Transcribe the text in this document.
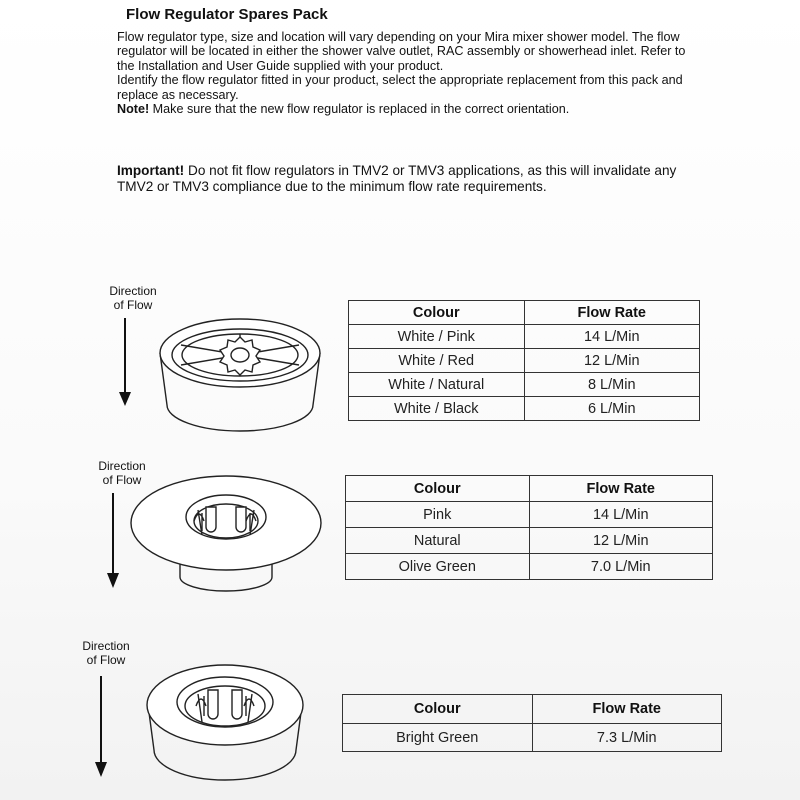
Flow Regulator Spares Pack

Flow regulator type, size and location will vary depending on your Mira mixer shower model. The flow regulator will be located in either the shower valve outlet, RAC assembly or showerhead inlet. Refer to the Installation and User Guide supplied with your product.

Identify the flow regulator fitted in your product, select the appropriate replacement from this pack and replace as necessary.

Note! Make sure that the new flow regulator is replaced in the correct orientation.

Important! Do not fit flow regulators in TMV2 or TMV3 applications, as this will invalidate any TMV2 or TMV3 compliance due to the minimum flow rate requirements.

Direction
of Flow	Colour	Flow Rate
White / Pink	14 L/Min
White / Red	12 L/Min
White / Natural	8 L/Min
White / Black	6 L/Min
Direction
of Flow
Colour	Flow Rate
Pink	14 L/Min
Natural	12 L/Min
Olive Green	7.0 L/Min
Direction
of Flow
Colour	Flow Rate
Bright Green	7.3 L/Min
